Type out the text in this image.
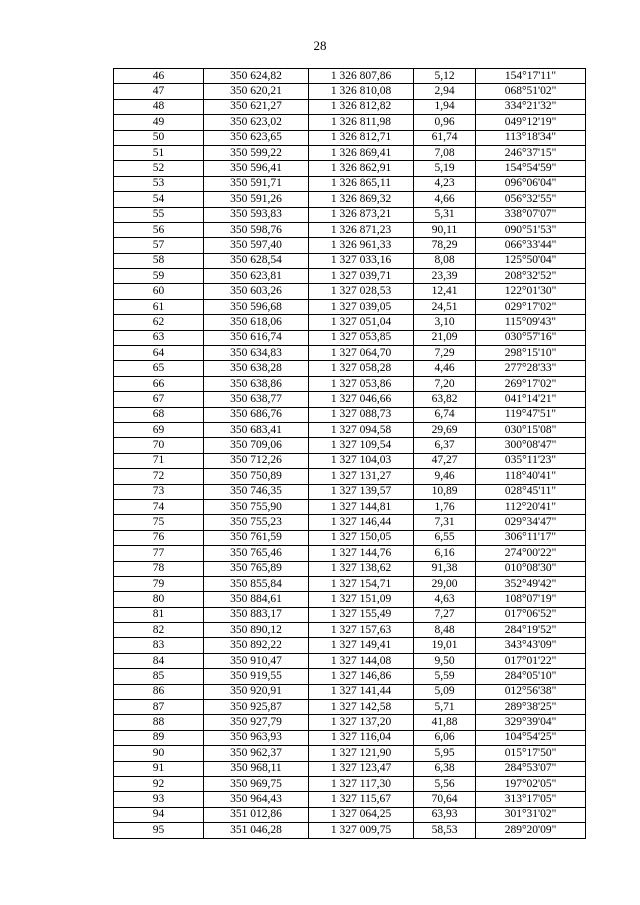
28
46	350 624,82	1 326 807,86	5,12	154°17'11"
47	350 620,21	1 326 810,08	2,94	068°51'02"
48	350 621,27	1 326 812,82	1,94	334°21'32"
49	350 623,02	1 326 811,98	0,96	049°12'19"
50	350 623,65	1 326 812,71	61,74	113°18'34"
51	350 599,22	1 326 869,41	7,08	246°37'15"
52	350 596,41	1 326 862,91	5,19	154°54'59"
53	350 591,71	1 326 865,11	4,23	096°06'04"
54	350 591,26	1 326 869,32	4,66	056°32'55"
55	350 593,83	1 326 873,21	5,31	338°07'07"
56	350 598,76	1 326 871,23	90,11	090°51'53"
57	350 597,40	1 326 961,33	78,29	066°33'44"
58	350 628,54	1 327 033,16	8,08	125°50'04"
59	350 623,81	1 327 039,71	23,39	208°32'52"
60	350 603,26	1 327 028,53	12,41	122°01'30"
61	350 596,68	1 327 039,05	24,51	029°17'02"
62	350 618,06	1 327 051,04	3,10	115°09'43"
63	350 616,74	1 327 053,85	21,09	030°57'16"
64	350 634,83	1 327 064,70	7,29	298°15'10"
65	350 638,28	1 327 058,28	4,46	277°28'33"
66	350 638,86	1 327 053,86	7,20	269°17'02"
67	350 638,77	1 327 046,66	63,82	041°14'21"
68	350 686,76	1 327 088,73	6,74	119°47'51"
69	350 683,41	1 327 094,58	29,69	030°15'08"
70	350 709,06	1 327 109,54	6,37	300°08'47"
71	350 712,26	1 327 104,03	47,27	035°11'23"
72	350 750,89	1 327 131,27	9,46	118°40'41"
73	350 746,35	1 327 139,57	10,89	028°45'11"
74	350 755,90	1 327 144,81	1,76	112°20'41"
75	350 755,23	1 327 146,44	7,31	029°34'47"
76	350 761,59	1 327 150,05	6,55	306°11'17"
77	350 765,46	1 327 144,76	6,16	274°00'22"
78	350 765,89	1 327 138,62	91,38	010°08'30"
79	350 855,84	1 327 154,71	29,00	352°49'42"
80	350 884,61	1 327 151,09	4,63	108°07'19"
81	350 883,17	1 327 155,49	7,27	017°06'52"
82	350 890,12	1 327 157,63	8,48	284°19'52"
83	350 892,22	1 327 149,41	19,01	343°43'09"
84	350 910,47	1 327 144,08	9,50	017°01'22"
85	350 919,55	1 327 146,86	5,59	284°05'10"
86	350 920,91	1 327 141,44	5,09	012°56'38"
87	350 925,87	1 327 142,58	5,71	289°38'25"
88	350 927,79	1 327 137,20	41,88	329°39'04"
89	350 963,93	1 327 116,04	6,06	104°54'25"
90	350 962,37	1 327 121,90	5,95	015°17'50"
91	350 968,11	1 327 123,47	6,38	284°53'07"
92	350 969,75	1 327 117,30	5,56	197°02'05"
93	350 964,43	1 327 115,67	70,64	313°17'05"
94	351 012,86	1 327 064,25	63,93	301°31'02"
95	351 046,28	1 327 009,75	58,53	289°20'09"
